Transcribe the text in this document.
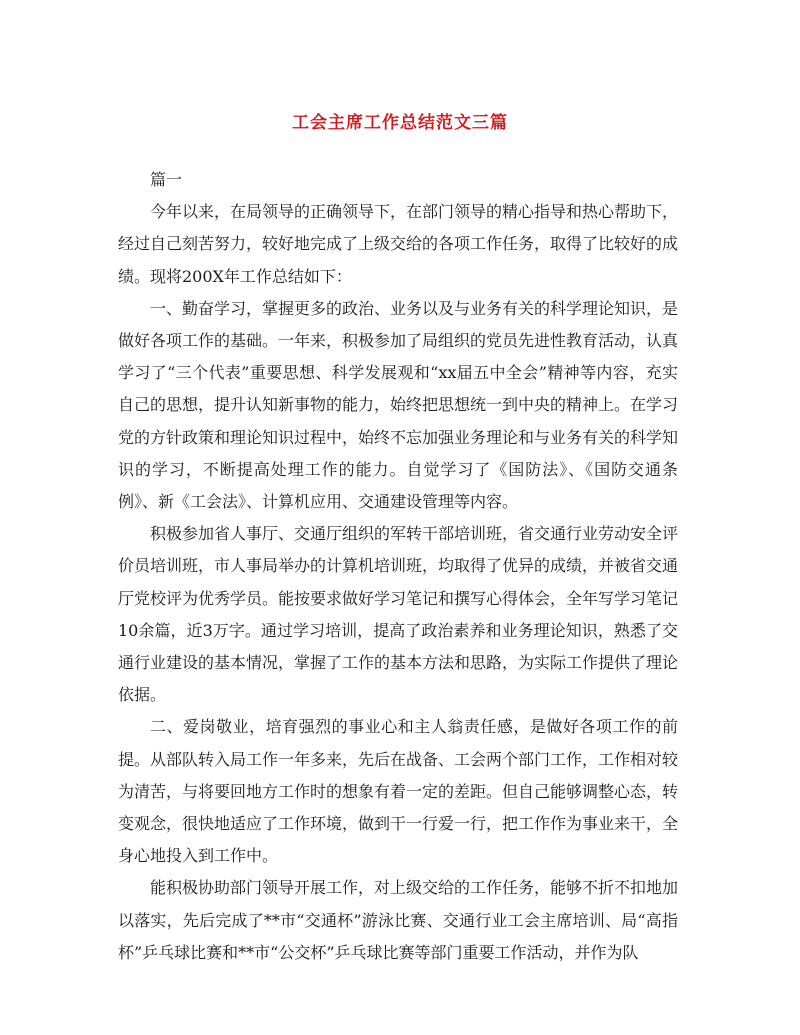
工会主席工作总结范文三篇

篇一

今年以来，在局领导的正确领导下，在部门领导的精心指导和热心帮助下，经过自己刻苦努力，较好地完成了上级交给的各项工作任务，取得了比较好的成绩。现将200X年工作总结如下：

一、勤奋学习，掌握更多的政治、业务以及与业务有关的科学理论知识，是做好各项工作的基础。一年来，积极参加了局组织的党员先进性教育活动，认真学习了“三个代表”重要思想、科学发展观和“xx届五中全会”精神等内容，充实自己的思想，提升认知新事物的能力，始终把思想统一到中央的精神上。在学习党的方针政策和理论知识过程中，始终不忘加强业务理论和与业务有关的科学知识的学习，不断提高处理工作的能力。自觉学习了《国防法》、《国防交通条例》、新《工会法》、计算机应用、交通建设管理等内容。

积极参加省人事厅、交通厅组织的军转干部培训班，省交通行业劳动安全评价员培训班，市人事局举办的计算机培训班，均取得了优异的成绩，并被省交通厅党校评为优秀学员。能按要求做好学习笔记和撰写心得体会，全年写学习笔记10余篇，近3万字。通过学习培训，提高了政治素养和业务理论知识，熟悉了交通行业建设的基本情况，掌握了工作的基本方法和思路，为实际工作提供了理论依据。

二、爱岗敬业，培育强烈的事业心和主人翁责任感，是做好各项工作的前提。从部队转入局工作一年多来，先后在战备、工会两个部门工作，工作相对较为清苦，与将要回地方工作时的想象有着一定的差距。但自己能够调整心态，转变观念，很快地适应了工作环境，做到干一行爱一行，把工作作为事业来干，全身心地投入到工作中。

能积极协助部门领导开展工作，对上级交给的工作任务，能够不折不扣地加以落实，先后完成了**市“交通杯”游泳比赛、交通行业工会主席培训、局“高指杯”乒乓球比赛和**市“公交杯”乒乓球比赛等部门重要工作活动，并作为队
